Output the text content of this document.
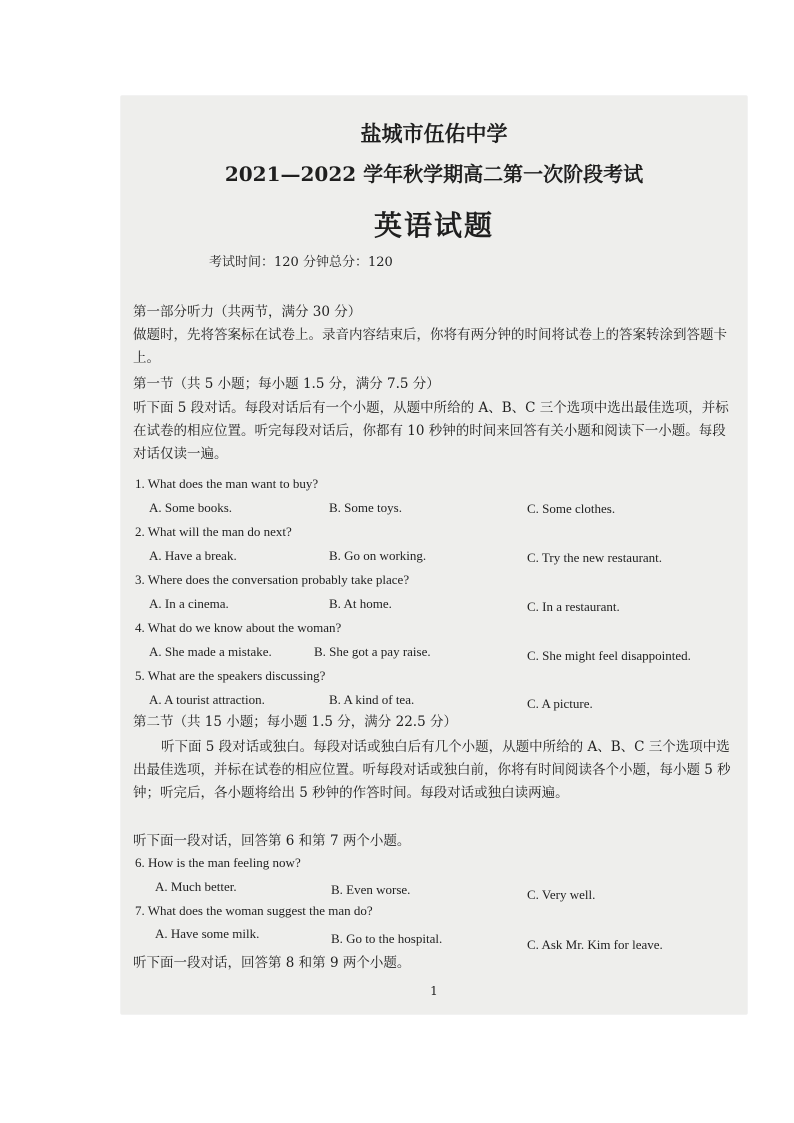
盐城市伍佑中学
2021—2022 学年秋学期高二第一次阶段考试
英语试题
考试时间：120 分钟总分：120
第一部分听力（共两节，满分 30 分）
做题时，先将答案标在试卷上。录音内容结束后，你将有两分钟的时间将试卷上的答案转涂到答题卡上。
第一节（共 5 小题；每小题 1.5 分，满分 7.5 分）
听下面 5 段对话。每段对话后有一个小题，从题中所给的 A、B、C 三个选项中选出最佳选项，并标在试卷的相应位置。听完每段对话后，你都有 10 秒钟的时间来回答有关小题和阅读下一小题。每段对话仅读一遍。
1. What does the man want to buy?
A. Some books.	B. Some toys.	C. Some clothes.
2. What will the man do next?
A. Have a break.	B. Go on working.	C. Try the new restaurant.
3. Where does the conversation probably take place?
A. In a cinema.	B. At home.	C. In a restaurant.
4. What do we know about the woman?
A. She made a mistake.	B. She got a pay raise.	C. She might feel disappointed.
5. What are the speakers discussing?
A. A tourist attraction.	B. A kind of tea.	C. A picture.
第二节（共 15 小题；每小题 1.5 分，满分 22.5 分）
听下面 5 段对话或独白。每段对话或独白后有几个小题，从题中所给的 A、B、C 三个选项中选出最佳选项，并标在试卷的相应位置。听每段对话或独白前，你将有时间阅读各个小题，每小题 5 秒钟；听完后，各小题将给出 5 秒钟的作答时间。每段对话或独白读两遍。
听下面一段对话，回答第 6 和第 7 两个小题。
6. How is the man feeling now?
A. Much better.	B. Even worse.	C. Very well.
7. What does the woman suggest the man do?
A. Have some milk.	B. Go to the hospital.	C. Ask Mr. Kim for leave.
听下面一段对话，回答第 8 和第 9 两个小题。
1
